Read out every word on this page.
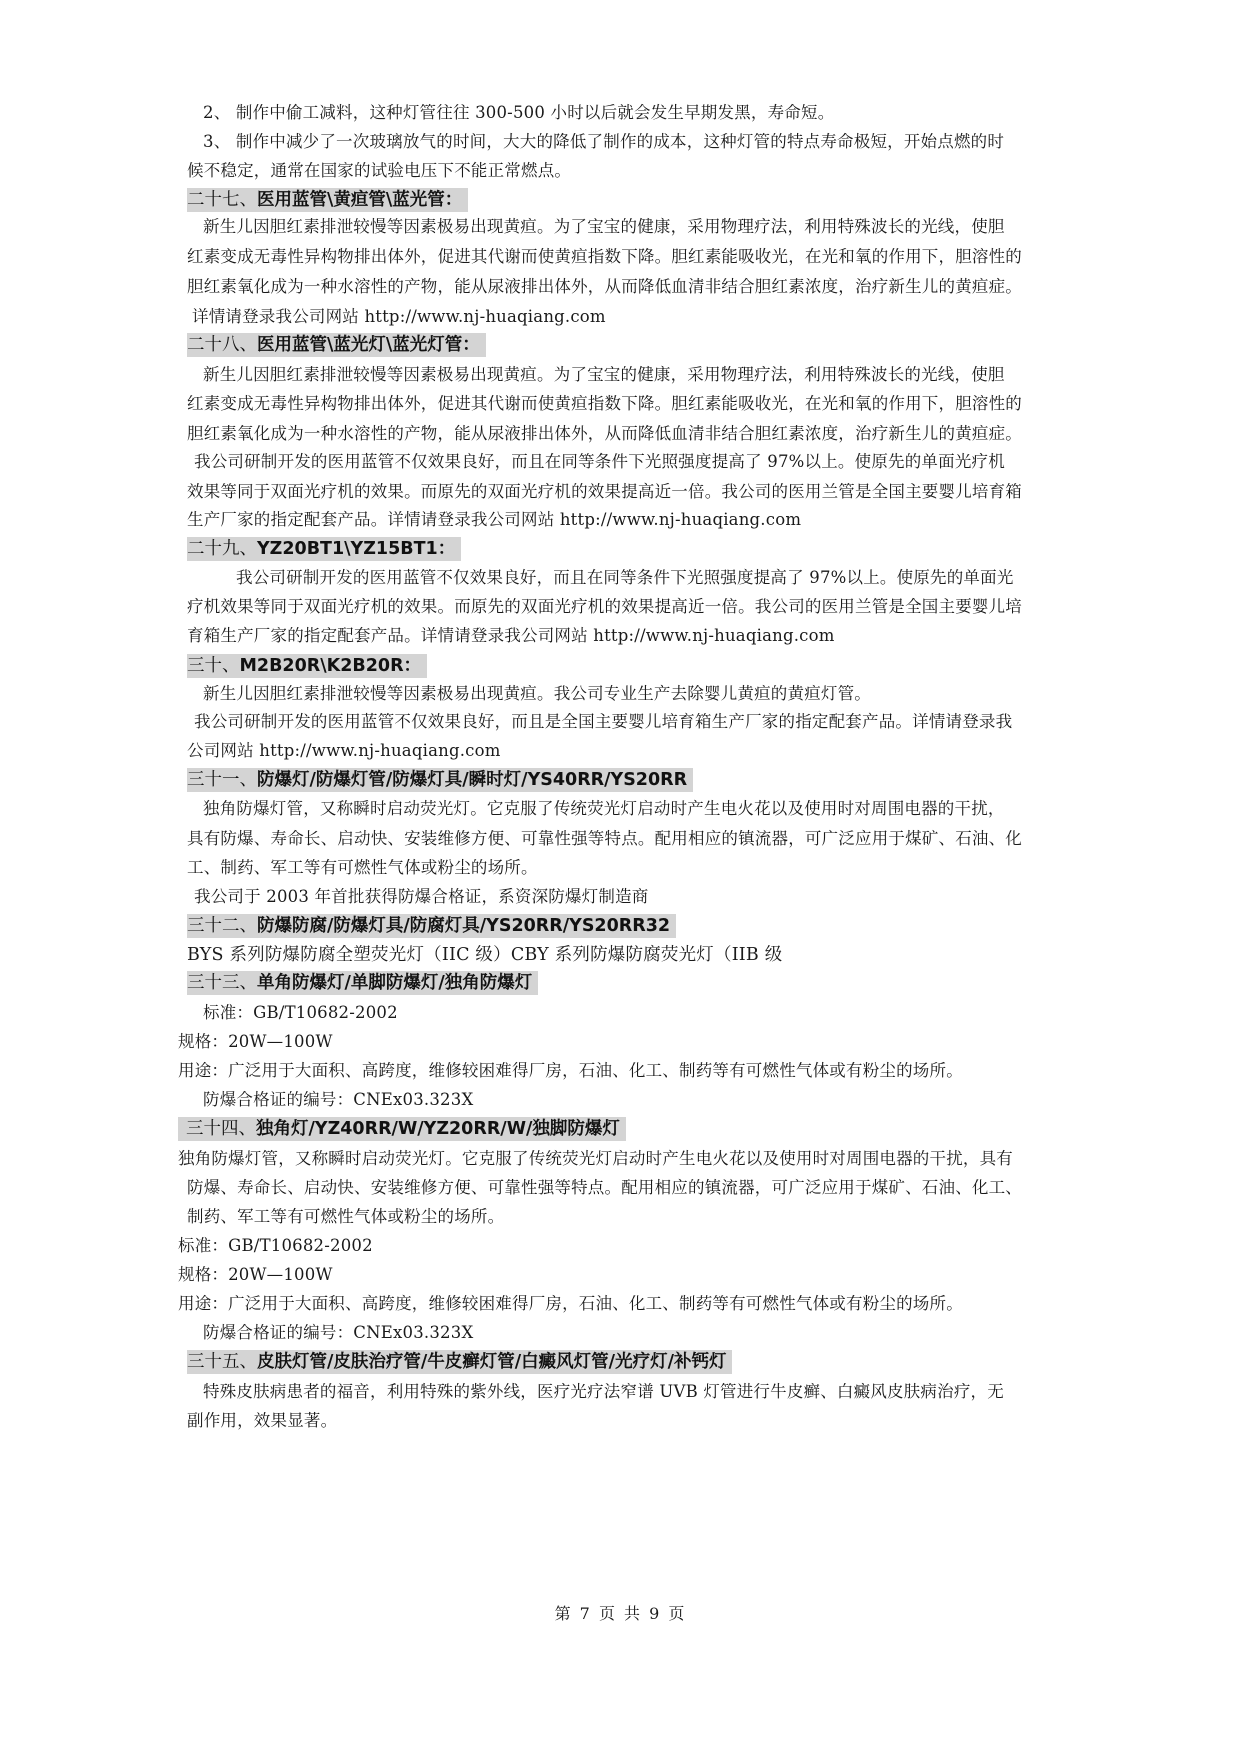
2、 制作中偷工减料，这种灯管往往 300-500 小时以后就会发生早期发黑，寿命短。
3、 制作中减少了一次玻璃放气的时间，大大的降低了制作的成本，这种灯管的特点寿命极短，开始点燃的时
候不稳定，通常在国家的试验电压下不能正常燃点。
二十七、医用蓝管\黄疸管\蓝光管：
新生儿因胆红素排泄较慢等因素极易出现黄疸。为了宝宝的健康，采用物理疗法，利用特殊波长的光线，使胆
红素变成无毒性异构物排出体外，促进其代谢而使黄疸指数下降。胆红素能吸收光，在光和氧的作用下，胆溶性的
胆红素氧化成为一种水溶性的产物，能从尿液排出体外，从而降低血清非结合胆红素浓度，治疗新生儿的黄疸症。
详情请登录我公司网站 http://www.nj-huaqiang.com
二十八、医用蓝管\蓝光灯\蓝光灯管：
新生儿因胆红素排泄较慢等因素极易出现黄疸。为了宝宝的健康，采用物理疗法，利用特殊波长的光线，使胆
红素变成无毒性异构物排出体外，促进其代谢而使黄疸指数下降。胆红素能吸收光，在光和氧的作用下，胆溶性的
胆红素氧化成为一种水溶性的产物，能从尿液排出体外，从而降低血清非结合胆红素浓度，治疗新生儿的黄疸症。
我公司研制开发的医用蓝管不仅效果良好，而且在同等条件下光照强度提高了 97%以上。使原先的单面光疗机
效果等同于双面光疗机的效果。而原先的双面光疗机的效果提高近一倍。我公司的医用兰管是全国主要婴儿培育箱
生产厂家的指定配套产品。详情请登录我公司网站 http://www.nj-huaqiang.com
二十九、YZ20BT1\YZ15BT1：
我公司研制开发的医用蓝管不仅效果良好，而且在同等条件下光照强度提高了 97%以上。使原先的单面光
疗机效果等同于双面光疗机的效果。而原先的双面光疗机的效果提高近一倍。我公司的医用兰管是全国主要婴儿培
育箱生产厂家的指定配套产品。详情请登录我公司网站 http://www.nj-huaqiang.com
三十、M2B20R\K2B20R：
新生儿因胆红素排泄较慢等因素极易出现黄疸。我公司专业生产去除婴儿黄疸的黄疸灯管。
我公司研制开发的医用蓝管不仅效果良好，而且是全国主要婴儿培育箱生产厂家的指定配套产品。详情请登录我
公司网站 http://www.nj-huaqiang.com
三十一、防爆灯/防爆灯管/防爆灯具/瞬时灯/YS40RR/YS20RR
独角防爆灯管，又称瞬时启动荧光灯。它克服了传统荧光灯启动时产生电火花以及使用时对周围电器的干扰，
具有防爆、寿命长、启动快、安装维修方便、可靠性强等特点。配用相应的镇流器，可广泛应用于煤矿、石油、化
工、制药、军工等有可燃性气体或粉尘的场所。
我公司于 2003 年首批获得防爆合格证，系资深防爆灯制造商
三十二、防爆防腐/防爆灯具/防腐灯具/YS20RR/YS20RR32
BYS 系列防爆防腐全塑荧光灯（IIC 级）CBY 系列防爆防腐荧光灯（IIB 级
三十三、单角防爆灯/单脚防爆灯/独角防爆灯
标准：GB/T10682-2002
规格：20W—100W
用途：广泛用于大面积、高跨度，维修较困难得厂房，石油、化工、制药等有可燃性气体或有粉尘的场所。
防爆合格证的编号：CNEx03.323X
三十四、独角灯/YZ40RR/W/YZ20RR/W/独脚防爆灯
独角防爆灯管，又称瞬时启动荧光灯。它克服了传统荧光灯启动时产生电火花以及使用时对周围电器的干扰，具有
防爆、寿命长、启动快、安装维修方便、可靠性强等特点。配用相应的镇流器，可广泛应用于煤矿、石油、化工、
制药、军工等有可燃性气体或粉尘的场所。
标准：GB/T10682-2002
规格：20W—100W
用途：广泛用于大面积、高跨度，维修较困难得厂房，石油、化工、制药等有可燃性气体或有粉尘的场所。
防爆合格证的编号：CNEx03.323X
三十五、皮肤灯管/皮肤治疗管/牛皮癣灯管/白癜风灯管/光疗灯/补钙灯
特殊皮肤病患者的福音，利用特殊的紫外线，医疗光疗法窄谱 UVB 灯管进行牛皮癣、白癜风皮肤病治疗，无
副作用，效果显著。
第 7 页 共 9 页
